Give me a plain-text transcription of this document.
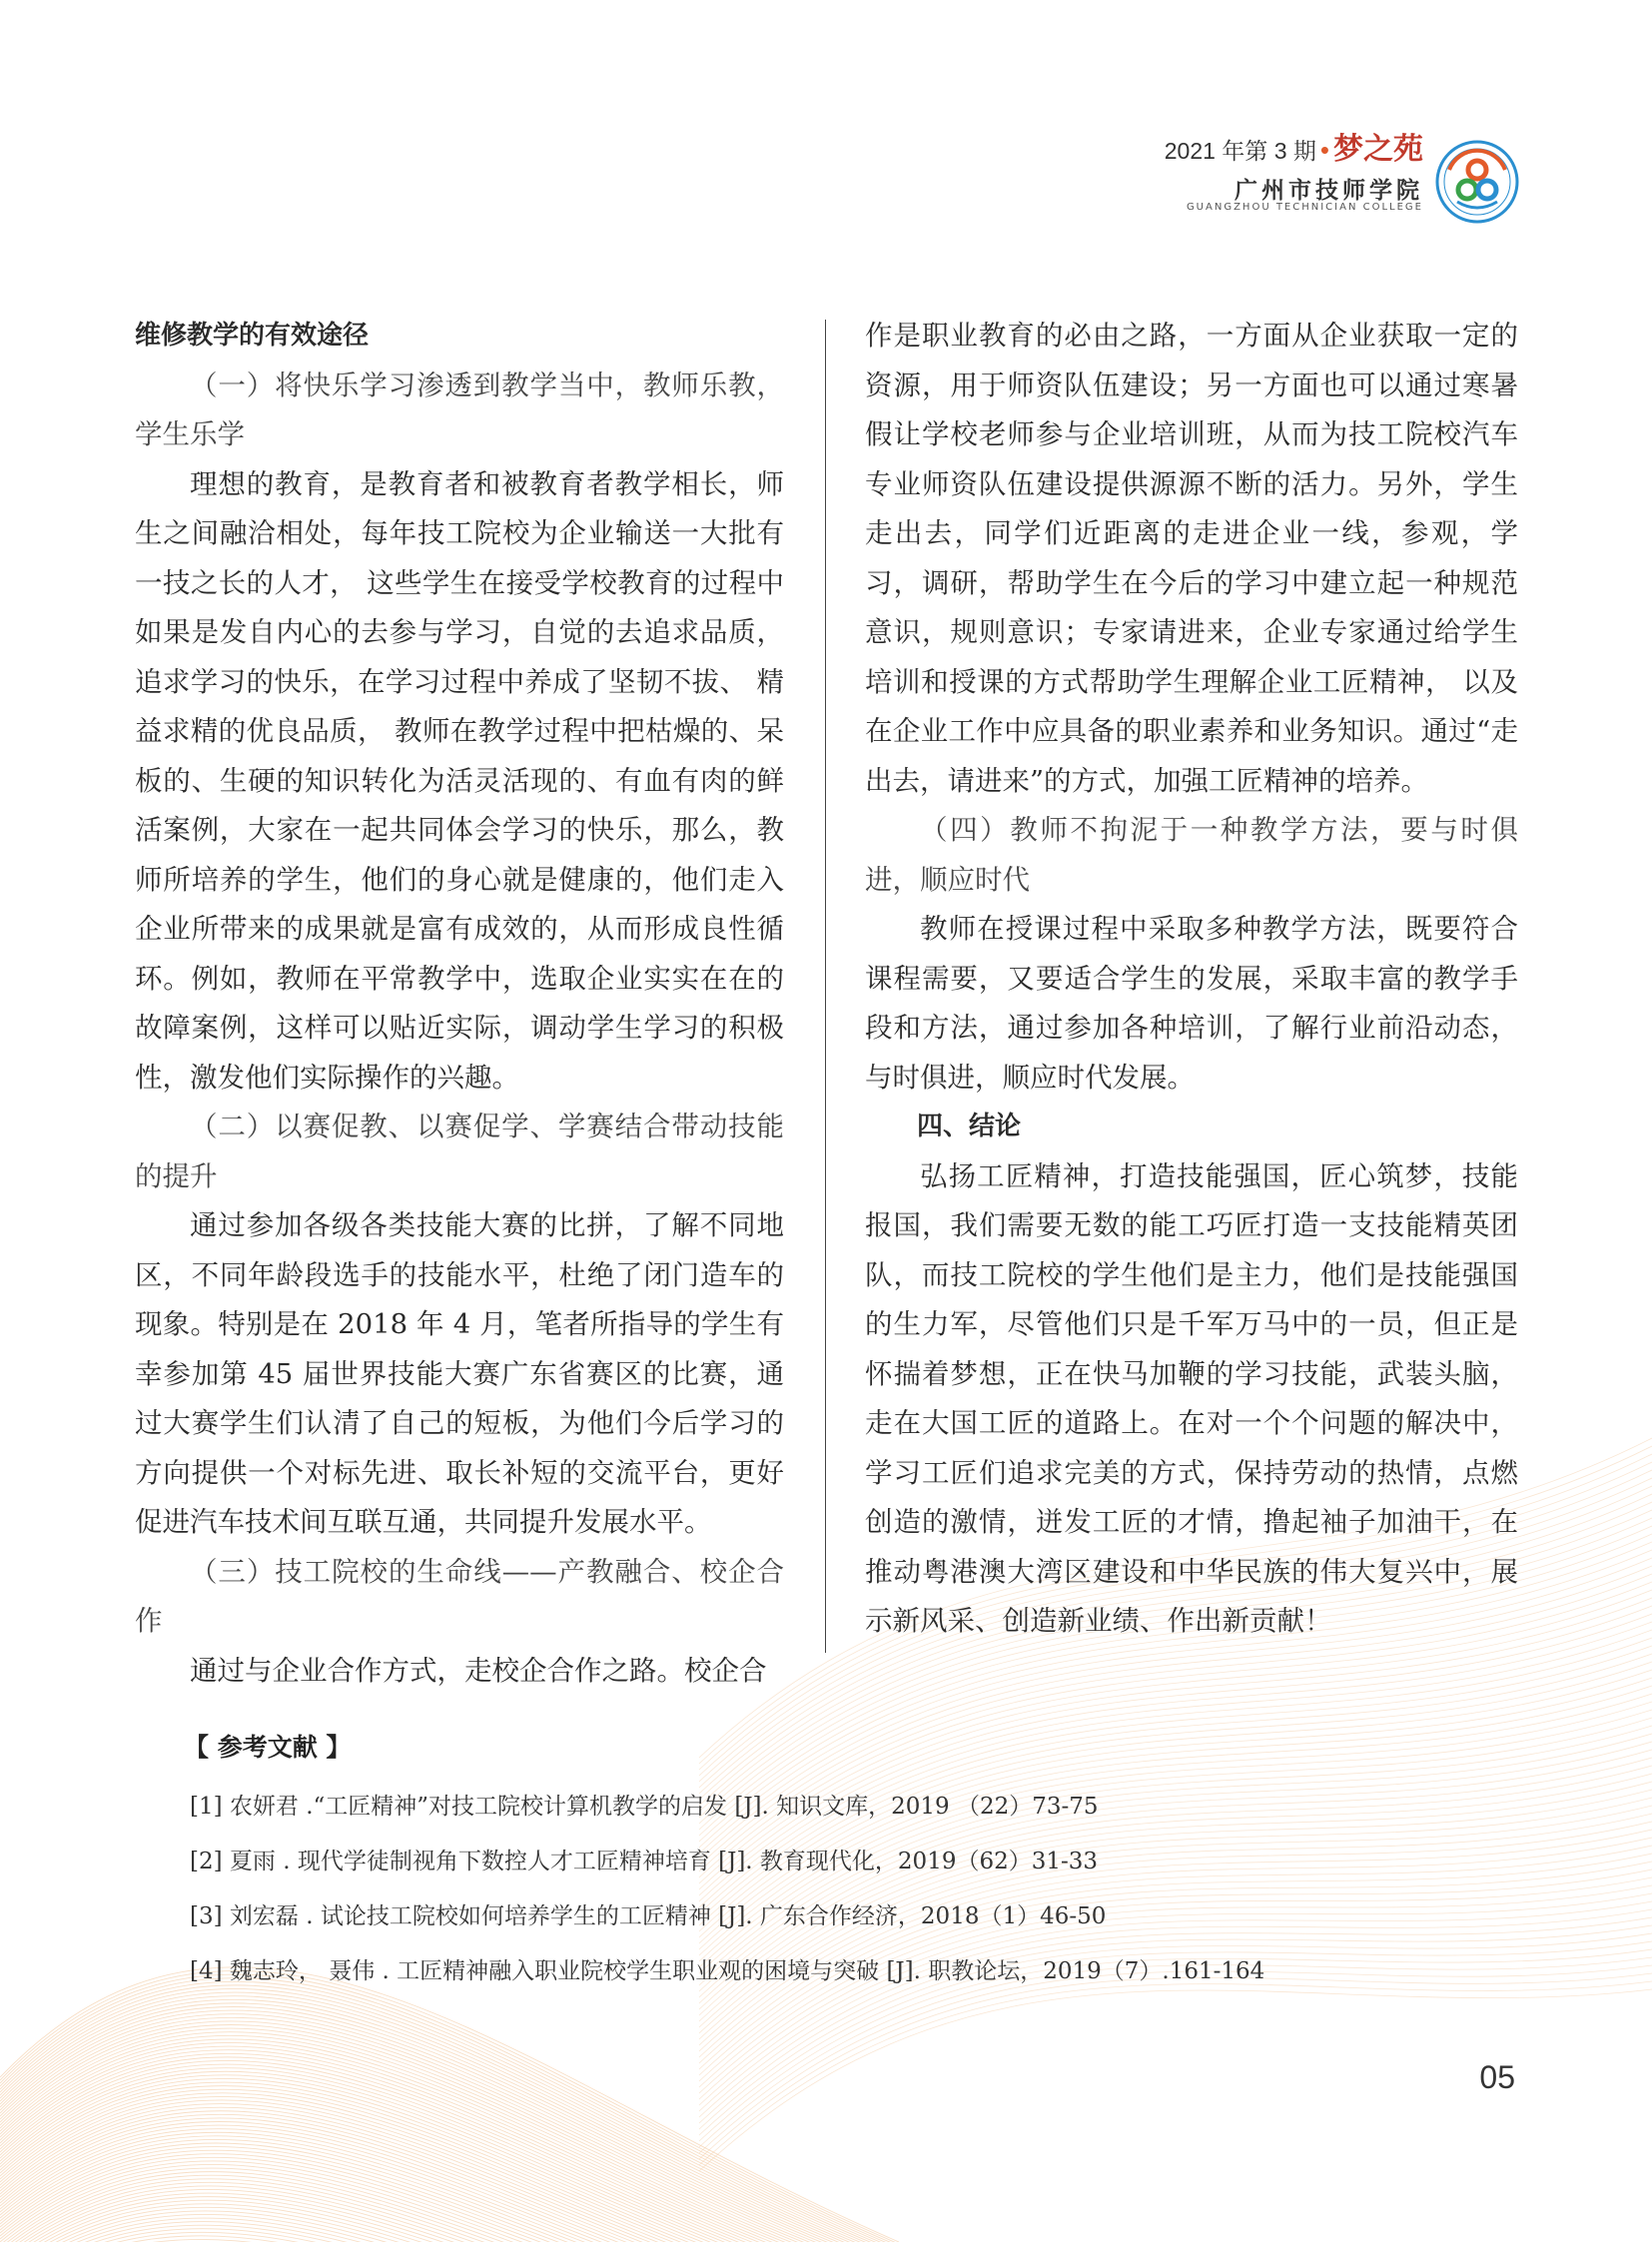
2021 年第 3 期 • 梦之苑
广州市技师学院
GUANGZHOU TECHNICIAN COLLEGE

维修教学的有效途径

（一）将快乐学习渗透到教学当中，教师乐教，学生乐学

理想的教育，是教育者和被教育者教学相长，师生之间融洽相处，每年技工院校为企业输送一大批有一技之长的人才， 这些学生在接受学校教育的过程中如果是发自内心的去参与学习，自觉的去追求品质，追求学习的快乐，在学习过程中养成了坚韧不拔、 精益求精的优良品质， 教师在教学过程中把枯燥的、呆板的、生硬的知识转化为活灵活现的、有血有肉的鲜活案例，大家在一起共同体会学习的快乐，那么，教师所培养的学生，他们的身心就是健康的，他们走入企业所带来的成果就是富有成效的，从而形成良性循环。例如，教师在平常教学中，选取企业实实在在的故障案例，这样可以贴近实际，调动学生学习的积极性，激发他们实际操作的兴趣。

（二）以赛促教、以赛促学、学赛结合带动技能的提升

通过参加各级各类技能大赛的比拼，了解不同地区，不同年龄段选手的技能水平，杜绝了闭门造车的现象。特别是在 2018 年 4 月，笔者所指导的学生有幸参加第 45 届世界技能大赛广东省赛区的比赛，通过大赛学生们认清了自己的短板，为他们今后学习的方向提供一个对标先进、取长补短的交流平台，更好促进汽车技术间互联互通，共同提升发展水平。

（三）技工院校的生命线——产教融合、校企合作

通过与企业合作方式，走校企合作之路。校企合

作是职业教育的必由之路，一方面从企业获取一定的资源，用于师资队伍建设；另一方面也可以通过寒暑假让学校老师参与企业培训班，从而为技工院校汽车专业师资队伍建设提供源源不断的活力。另外，学生走出去，同学们近距离的走进企业一线，参观，学习，调研，帮助学生在今后的学习中建立起一种规范意识，规则意识；专家请进来，企业专家通过给学生培训和授课的方式帮助学生理解企业工匠精神， 以及在企业工作中应具备的职业素养和业务知识。通过“走出去，请进来”的方式，加强工匠精神的培养。

（四）教师不拘泥于一种教学方法，要与时俱进，顺应时代

教师在授课过程中采取多种教学方法，既要符合课程需要，又要适合学生的发展，采取丰富的教学手段和方法，通过参加各种培训，了解行业前沿动态，与时俱进，顺应时代发展。

四、结论

弘扬工匠精神，打造技能强国，匠心筑梦，技能报国，我们需要无数的能工巧匠打造一支技能精英团队，而技工院校的学生他们是主力，他们是技能强国的生力军，尽管他们只是千军万马中的一员，但正是怀揣着梦想，正在快马加鞭的学习技能，武装头脑，走在大国工匠的道路上。在对一个个问题的解决中，学习工匠们追求完美的方式，保持劳动的热情，点燃创造的激情，迸发工匠的才情，撸起袖子加油干，在推动粤港澳大湾区建设和中华民族的伟大复兴中，展示新风采、创造新业绩、作出新贡献！

【 参考文献 】
[1] 农妍君 .“工匠精神”对技工院校计算机教学的启发 [J]. 知识文库，2019 （22）73-75
[2] 夏雨 . 现代学徒制视角下数控人才工匠精神培育 [J]. 教育现代化，2019（62）31-33
[3] 刘宏磊 . 试论技工院校如何培养学生的工匠精神 [J]. 广东合作经济，2018（1）46-50
[4] 魏志玲， 聂伟 . 工匠精神融入职业院校学生职业观的困境与突破 [J]. 职教论坛，2019（7）.161-164
05
